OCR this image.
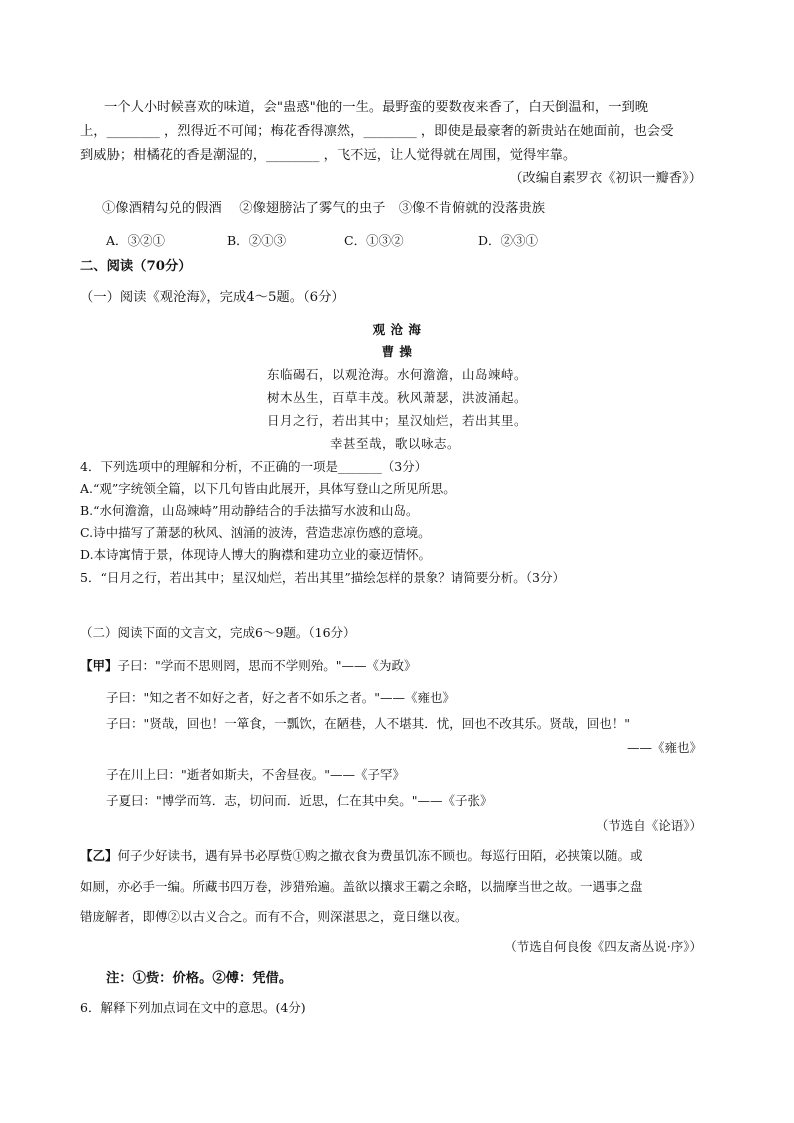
一个人小时候喜欢的味道，会"蛊惑"他的一生。最野蛮的要数夜来香了，白天倒温和，一到晚
上，________ ，烈得近不可闻；梅花香得凛然，________ ，即使是最豪奢的新贵站在她面前，也会受
到威胁；柑橘花的香是潮湿的，________ ，飞不远，让人觉得就在周围，觉得牢靠。
（改编自素罗衣《初识一瓣香》）
①像酒精勾兑的假酒　 ②像翅膀沾了雾气的虫子　③像不肯俯就的没落贵族
A．③②①	B．②①③	C．①③②	D．②③①
二、阅读（70分）
（一）阅读《观沧海》，完成4～5题。（6分）
观 沧 海
曹 操
东临碣石，以观沧海。水何澹澹，山岛竦峙。
树木丛生，百草丰茂。秋风萧瑟，洪波涌起。
日月之行，若出其中；星汉灿烂，若出其里。
幸甚至哉，歌以咏志。
4．下列选项中的理解和分析，不正确的一项是_______（3分）
A.“观”字统领全篇，以下几句皆由此展开，具体写登山之所见所思。
B.“水何澹澹，山岛竦峙”用动静结合的手法描写水波和山岛。
C.诗中描写了萧瑟的秋风、汹涌的波涛，营造悲凉伤感的意境。
D.本诗寓情于景，体现诗人博大的胸襟和建功立业的豪迈情怀。
5．“日月之行，若出其中；星汉灿烂，若出其里”描绘怎样的景象？请简要分析。（3分）
（二）阅读下面的文言文，完成6～9题。（16分）
【甲】子曰："学而不思则罔，思而不学则殆。"——《为政》
子曰："知之者不如好之者，好之者不如乐之者。"——《雍也》
子曰："贤哉，回也！一箪食，一瓢饮，在陋巷，人不堪其．忧，回也不改其乐。贤哉，回也！"
——《雍也》
子在川上曰："逝者如斯夫，不舍昼夜。"——《子罕》
子夏曰："博学而笃．志，切问而．近思，仁在其中矣。"——《子张》
（节选自《论语》）
【乙】何子少好读书，遇有异书必厚赀①购之撤衣食为费虽饥冻不顾也。每巡行田陌，必挟策以随。或
如厕，亦必手一编。所藏书四万卷，涉猎殆遍。盖欲以攘求王霸之余略，以揣摩当世之故。一遇事之盘
错庞解者，即傅②以古义合之。而有不合，则深湛思之，竟日继以夜。
（节选自何良俊《四友斋丛说·序》）
注：①赀：价格。②傅：凭借。
6．解释下列加点词在文中的意思。(4分)
